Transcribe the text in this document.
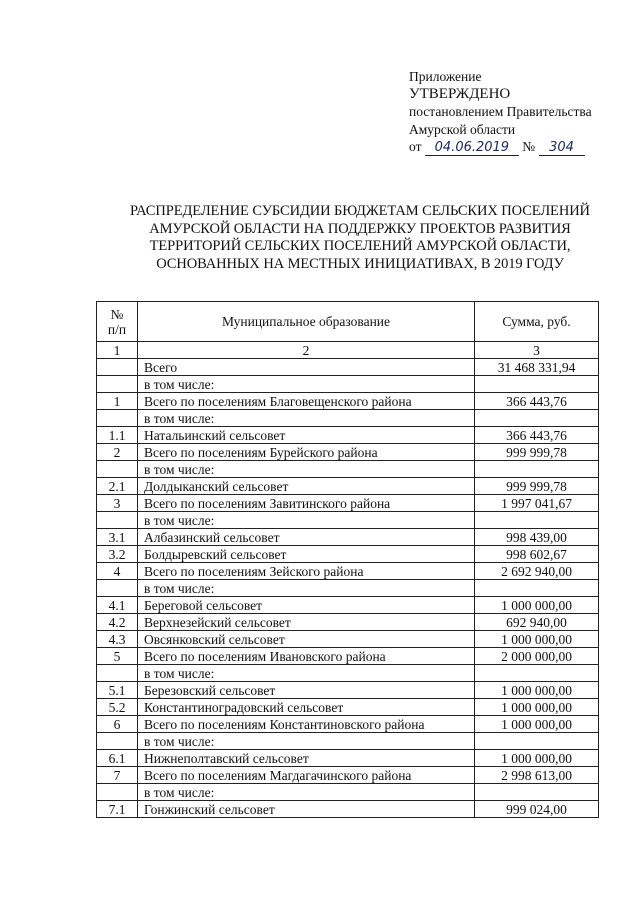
Приложение
УТВЕРЖДЕНО
постановлением Правительства
Амурской области
от 04.06.2019 № 304
РАСПРЕДЕЛЕНИЕ СУБСИДИИ БЮДЖЕТАМ СЕЛЬСКИХ ПОСЕЛЕНИЙ
АМУРСКОЙ ОБЛАСТИ НА ПОДДЕРЖКУ ПРОЕКТОВ РАЗВИТИЯ
ТЕРРИТОРИЙ СЕЛЬСКИХ ПОСЕЛЕНИЙ АМУРСКОЙ ОБЛАСТИ,
ОСНОВАННЫХ НА МЕСТНЫХ ИНИЦИАТИВАХ, В 2019 ГОДУ
№
п/п	Муниципальное образование	Сумма, руб.
1	2	3
	Всего	31 468 331,94
	в том числе:	
1	Всего по поселениям Благовещенского района	366 443,76
	в том числе:	
1.1	Натальинский сельсовет	366 443,76
2	Всего по поселениям Бурейского района	999 999,78
	в том числе:	
2.1	Долдыканский сельсовет	999 999,78
3	Всего по поселениям Завитинского района	1 997 041,67
	в том числе:	
3.1	Албазинский сельсовет	998 439,00
3.2	Болдыревский сельсовет	998 602,67
4	Всего по поселениям Зейского района	2 692 940,00
	в том числе:	
4.1	Береговой сельсовет	1 000 000,00
4.2	Верхнезейский сельсовет	692 940,00
4.3	Овсянковский сельсовет	1 000 000,00
5	Всего по поселениям Ивановского района	2 000 000,00
	в том числе:	
5.1	Березовский сельсовет	1 000 000,00
5.2	Константиноградовский сельсовет	1 000 000,00
6	Всего по поселениям Константиновского района	1 000 000,00
	в том числе:	
6.1	Нижнеполтавский сельсовет	1 000 000,00
7	Всего по поселениям Магдагачинского района	2 998 613,00
	в том числе:	
7.1	Гонжинский сельсовет	999 024,00
